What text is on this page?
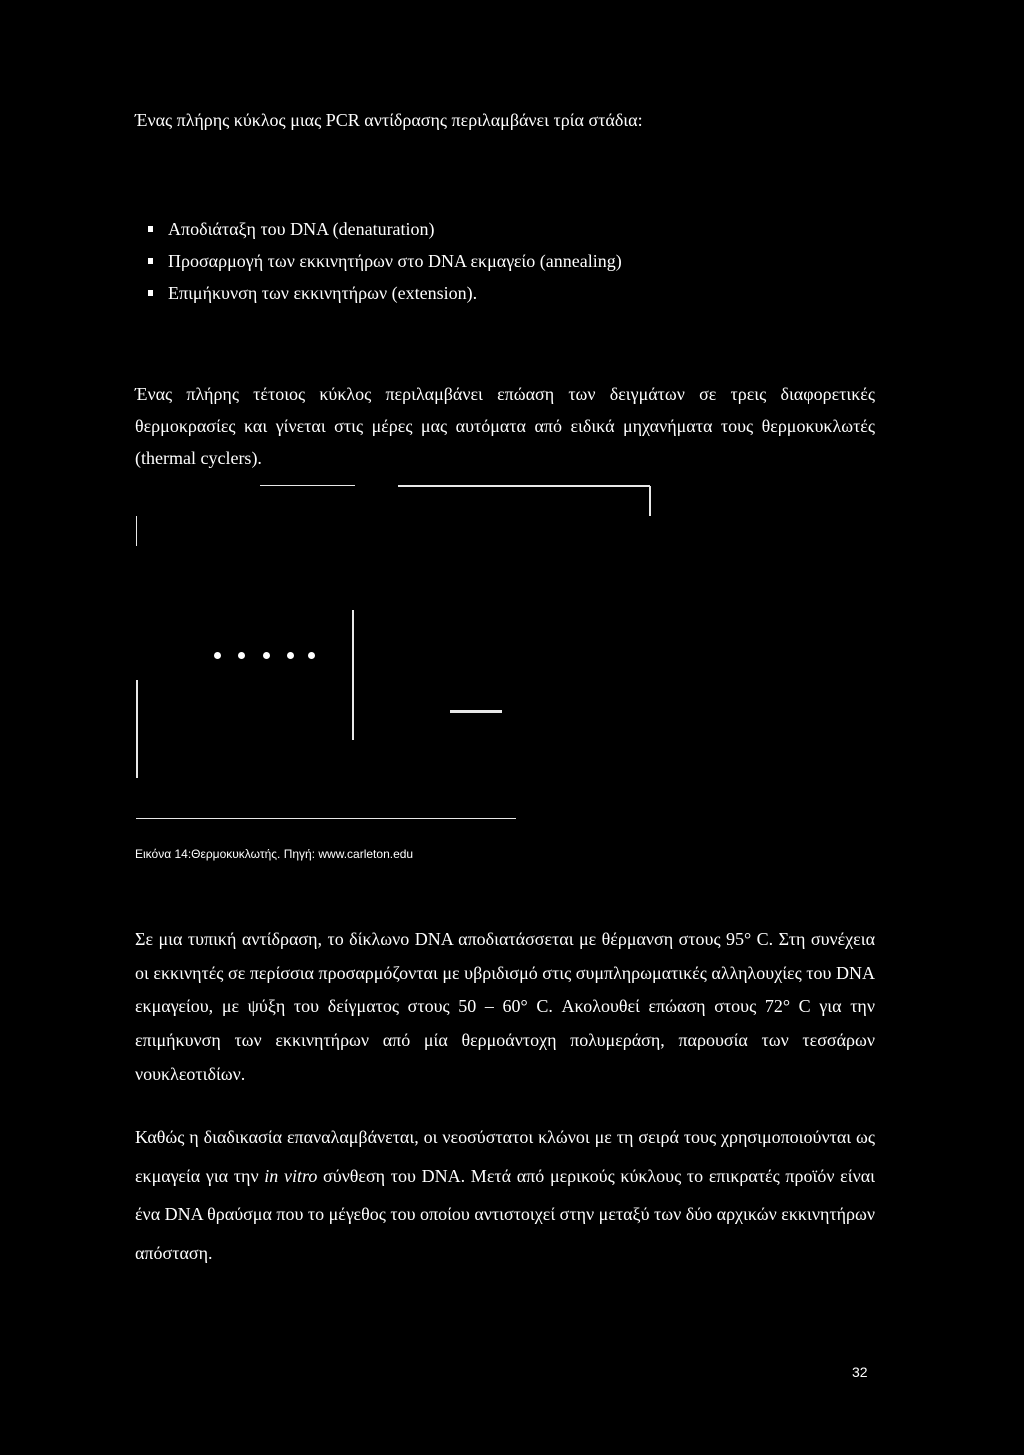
Ένας πλήρης κύκλος μιας PCR αντίδρασης περιλαμβάνει τρία στάδια:

Αποδιάταξη του DNA (denaturation)
Προσαρμογή των εκκινητήρων στο DNA εκμαγείο (annealing)
Επιμήκυνση των εκκινητήρων (extension).

Ένας πλήρης τέτοιος κύκλος περιλαμβάνει επώαση των δειγμάτων σε τρεις διαφορετικές θερμοκρασίες και γίνεται στις μέρες μας αυτόματα από ειδικά μηχανήματα τους θερμοκυκλωτές (thermal cyclers).

Εικόνα 14:Θερμοκυκλωτής. Πηγή: www.carleton.edu

Σε μια τυπική αντίδραση, το δίκλωνο DNA αποδιατάσσεται με θέρμανση στους 95° C. Στη συνέχεια οι εκκινητές σε περίσσια προσαρμόζονται με υβριδισμό στις συμπληρωματικές αλληλουχίες του DNA εκμαγείου, με ψύξη του δείγματος στους 50 – 60° C. Ακολουθεί επώαση στους 72° C για την επιμήκυνση των εκκινητήρων από μία θερμοάντοχη πολυμεράση, παρουσία των τεσσάρων νουκλεοτιδίων.

Καθώς η διαδικασία επαναλαμβάνεται, οι νεοσύστατοι κλώνοι με τη σειρά τους χρησιμοποιούνται ως εκμαγεία για την in vitro σύνθεση του DNA. Μετά από μερικούς κύκλους το επικρατές προϊόν είναι ένα DNA θραύσμα που το μέγεθος του οποίου αντιστοιχεί στην μεταξύ των δύο αρχικών εκκινητήρων απόσταση.

32
